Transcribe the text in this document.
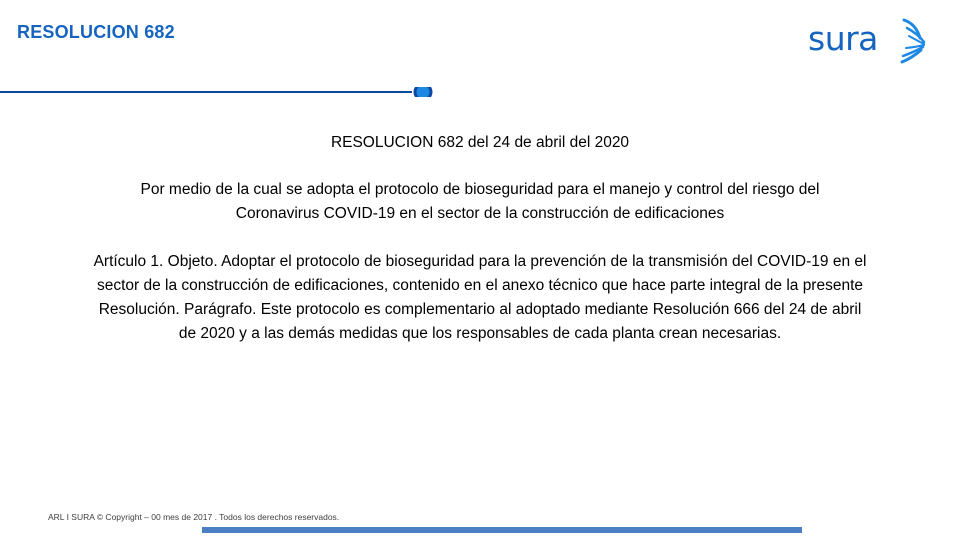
RESOLUCION 682	sura
RESOLUCION 682 del 24 de abril del 2020
Por medio de la cual se adopta el protocolo de bioseguridad para el manejo y control del riesgo del Coronavirus COVID-19 en el sector de la construcción de edificaciones
Artículo 1. Objeto. Adoptar el protocolo de bioseguridad para la prevención de la transmisión del COVID-19 en el sector de la construcción de edificaciones, contenido en el anexo técnico que hace parte integral de la presente Resolución. Parágrafo. Este protocolo es complementario al adoptado mediante Resolución 666 del 24 de abril de 2020 y a las demás medidas que los responsables de cada planta crean necesarias.
ARL I SURA © Copyright – 00 mes de 2017 . Todos los derechos reservados.
